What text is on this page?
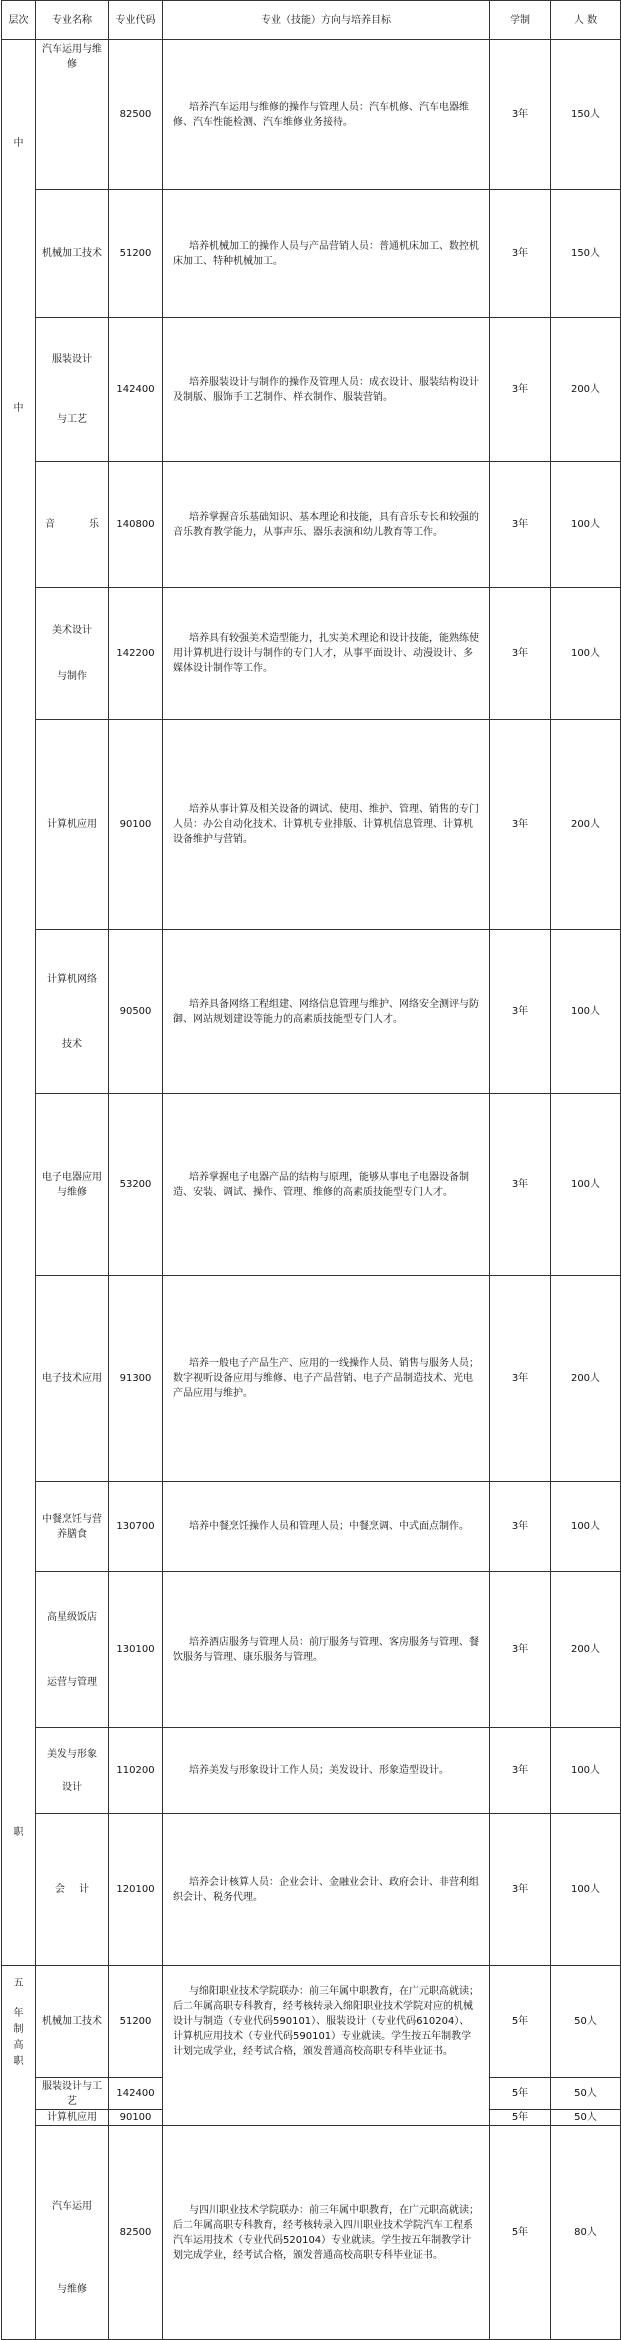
层次	专业名称	专业代码	专业（技能）方向与培养目标	学制	人 数

中
中
职	汽车运用与维修	82500	培养汽车运用与维修的操作与管理人员：汽车机修、汽车电器维修、汽车性能检测、汽车维修业务接待。	3年	150人
	机械加工技术	51200	培养机械加工的操作人员与产品营销人员：普通机床加工、数控机床加工、特种机械加工。	3年	150人

	服装设计
与工艺	142400	培养服装设计与制作的操作及管理人员：成衣设计、服装结构设计及制版、服饰手工艺制作、样衣制作、服装营销。	3年	200人

	音 乐	140800	培养掌握音乐基础知识、基本理论和技能，具有音乐专长和较强的音乐教育教学能力，从事声乐、器乐表演和幼儿教育等工作。	3年	100人

	美术设计
与制作	142200	培养具有较强美术造型能力，扎实美术理论和设计技能，能熟练使用计算机进行设计与制作的专门人才，从事平面设计、动漫设计、多媒体设计制作等工作。	3年	100人
	计算机应用	90100	培养从事计算及相关设备的调试、使用、维护、管理、销售的专门人员：办公自动化技术、计算机专业排版、计算机信息管理、计算机设备维护与营销。	3年	200人

	计算机网络
技术	90500	培养具备网络工程组建、网络信息管理与维护、网络安全测评与防御、网站规划建设等能力的高素质技能型专门人才。	3年	100人
	电子电器应用与维修	53200	培养掌握电子电器产品的结构与原理，能够从事电子电器设备制造、安装、调试、操作、管理、维修的高素质技能型专门人才。	3年	100人
	电子技术应用	91300	培养一般电子产品生产、应用的一线操作人员、销售与服务人员；数字视听设备应用与维修、电子产品营销、电子产品制造技术、光电产品应用与维护。	3年	200人
	中餐烹饪与营养膳食	130700	培养中餐烹饪操作人员和管理人员；中餐烹调、中式面点制作。	3年	100人

	高星级饭店
运营与管理	130100	培养酒店服务与管理人员：前厅服务与管理、客房服务与管理、餐饮服务与管理、康乐服务与管理。	3年	200人

	美发与形象
设计	110200	培养美发与形象设计工作人员；美发设计、形象造型设计。	3年	100人

	会 计	120100	培养会计核算人员：企业会计、金融业会计、政府会计、非营利组织会计、税务代理。	3年	100人

五
年
制
高
职	机械加工技术	51200	与绵阳职业技术学院联办：前三年属中职教育，在广元职高就读；后二年属高职专科教育，经考核转录入绵阳职业技术学院对应的机械设计与制造（专业代码590101）、服装设计（专业代码610204）、计算机应用技术（专业代码590101）专业就读。学生按五年制教学计划完成学业，经考试合格，颁发普通高校高职专科毕业证书。	5年	50人
	服装设计与工艺	142400		5年	50人
	计算机应用	90100		5年	50人

	汽车运用
与维修	82500	与四川职业技术学院联办：前三年属中职教育，在广元职高就读；后二年属高职专科教育，经考核转录入四川职业技术学院汽车工程系汽车运用技术（专业代码520104）专业就读。学生按五年制教学计划完成学业，经考试合格，颁发普通高校高职专科毕业证书。	5年	80人
